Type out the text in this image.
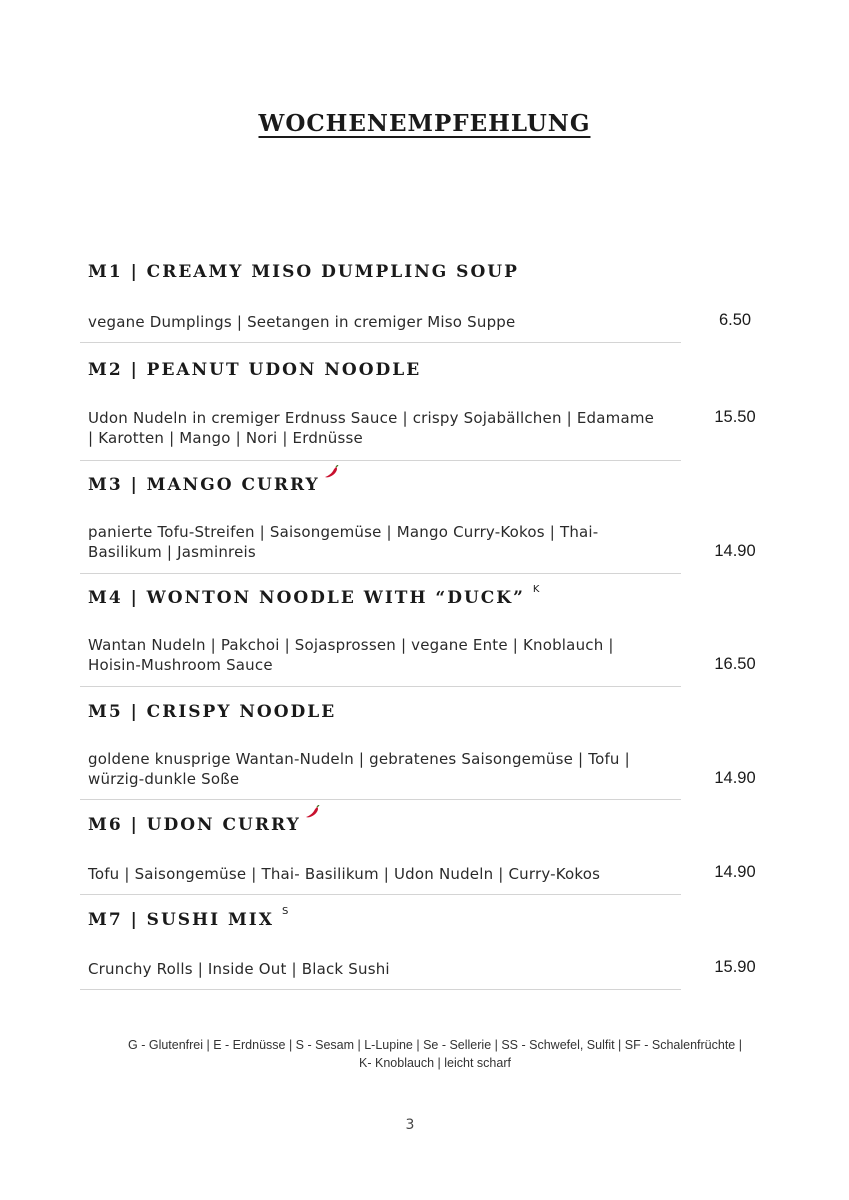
WOCHENEMPFEHLUNG
M1 | CREAMY MISO DUMPLING SOUP
vegane Dumplings | Seetangen in cremiger Miso Suppe	6.50
M2 | PEANUT UDON NOODLE
Udon Nudeln in cremiger Erdnuss Sauce | crispy Sojabällchen | Edamame
| Karotten | Mango | Nori | Erdnüsse
15.50
M3 | MANGO CURRY
panierte Tofu-Streifen | Saisongemüse | Mango Curry-Kokos | Thai-
Basilikum | Jasminreis	14.90
M4 | WONTON NOODLE WITH “DUCK” K
Wantan Nudeln | Pakchoi | Sojasprossen | vegane Ente | Knoblauch |
Hoisin-Mushroom Sauce	16.50
M5 | CRISPY NOODLE
goldene knusprige Wantan-Nudeln | gebratenes Saisongemüse | Tofu |
würzig-dunkle Soße	14.90
M6 | UDON CURRY
Tofu | Saisongemüse | Thai- Basilikum | Udon Nudeln | Curry-Kokos	14.90
M7 | SUSHI MIX S
Crunchy Rolls | Inside Out | Black Sushi	15.90
G - Glutenfrei | E - Erdnüsse | S - Sesam | L-Lupine | Se - Sellerie | SS - Schwefel, Sulfit | SF - Schalenfrüchte |
K- Knoblauch | leicht scharf
3
